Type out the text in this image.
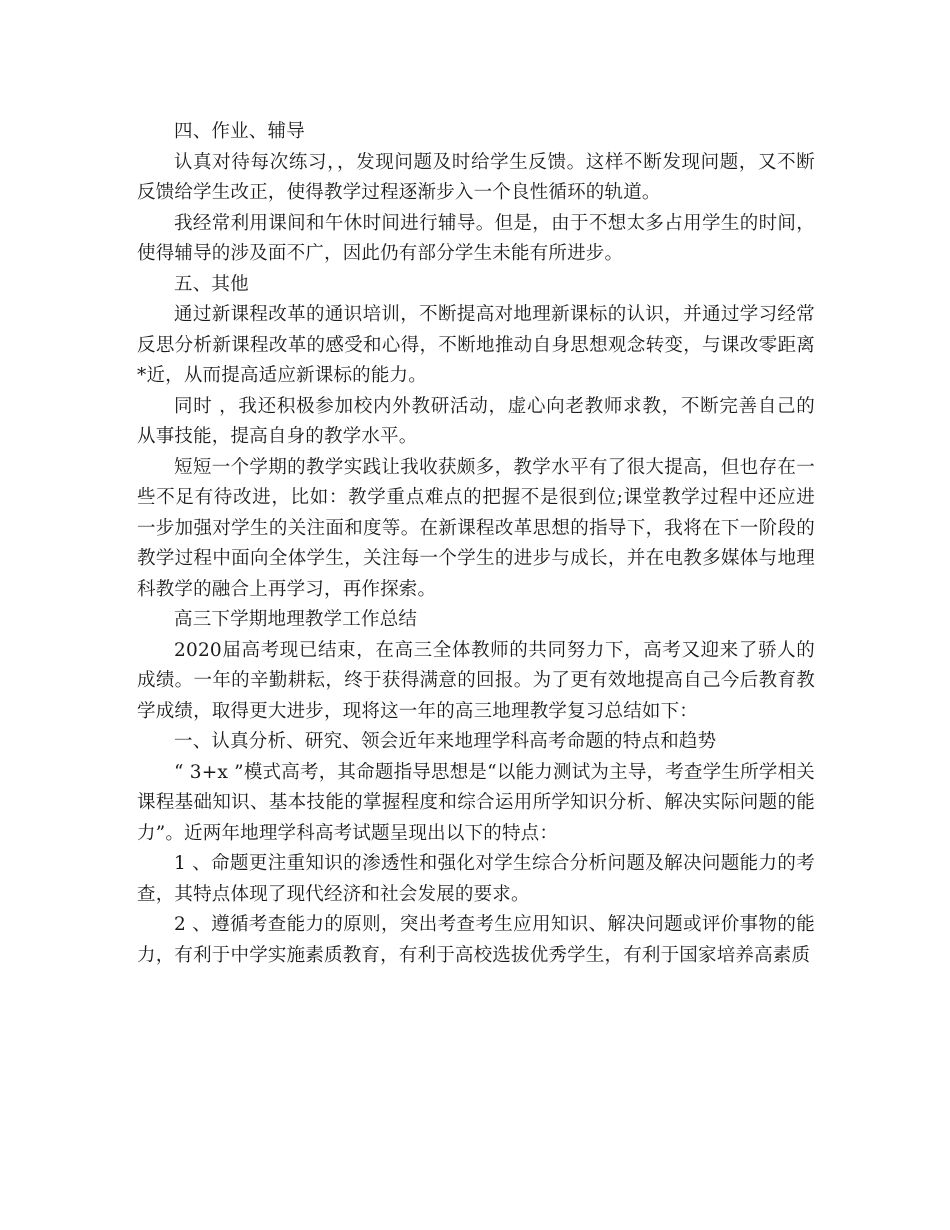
四、作业、辅导

认真对待每次练习，，发现问题及时给学生反馈。这样不断发现问题，又不断反馈给学生改正，使得教学过程逐渐步入一个良性循环的轨道。

我经常利用课间和午休时间进行辅导。但是，由于不想太多占用学生的时间，使得辅导的涉及面不广，因此仍有部分学生未能有所进步。

五、其他

通过新课程改革的通识培训，不断提高对地理新课标的认识，并通过学习经常反思分析新课程改革的感受和心得，不断地推动自身思想观念转变，与课改零距离*近，从而提高适应新课标的能力。

同时 ，我还积极参加校内外教研活动，虚心向老教师求教，不断完善自己的从事技能，提高自身的教学水平。

短短一个学期的教学实践让我收获颇多，教学水平有了很大提高，但也存在一些不足有待改进，比如：教学重点难点的把握不是很到位;课堂教学过程中还应进一步加强对学生的关注面和度等。在新课程改革思想的指导下，我将在下一阶段的教学过程中面向全体学生，关注每一个学生的进步与成长，并在电教多媒体与地理科教学的融合上再学习，再作探索。

高三下学期地理教学工作总结

2020届高考现已结束，在高三全体教师的共同努力下，高考又迎来了骄人的成绩。一年的辛勤耕耘，终于获得满意的回报。为了更有效地提高自己今后教育教学成绩，取得更大进步，现将这一年的高三地理教学复习总结如下：

一、认真分析、研究、领会近年来地理学科高考命题的特点和趋势

“ 3+x ”模式高考，其命题指导思想是“以能力测试为主导，考查学生所学相关课程基础知识、基本技能的掌握程度和综合运用所学知识分析、解决实际问题的能力”。近两年地理学科高考试题呈现出以下的特点：

1 、命题更注重知识的渗透性和强化对学生综合分析问题及解决问题能力的考查，其特点体现了现代经济和社会发展的要求。

2 、遵循考查能力的原则，突出考查考生应用知识、解决问题或评价事物的能力，有利于中学实施素质教育，有利于高校选拔优秀学生，有利于国家培养高素质
